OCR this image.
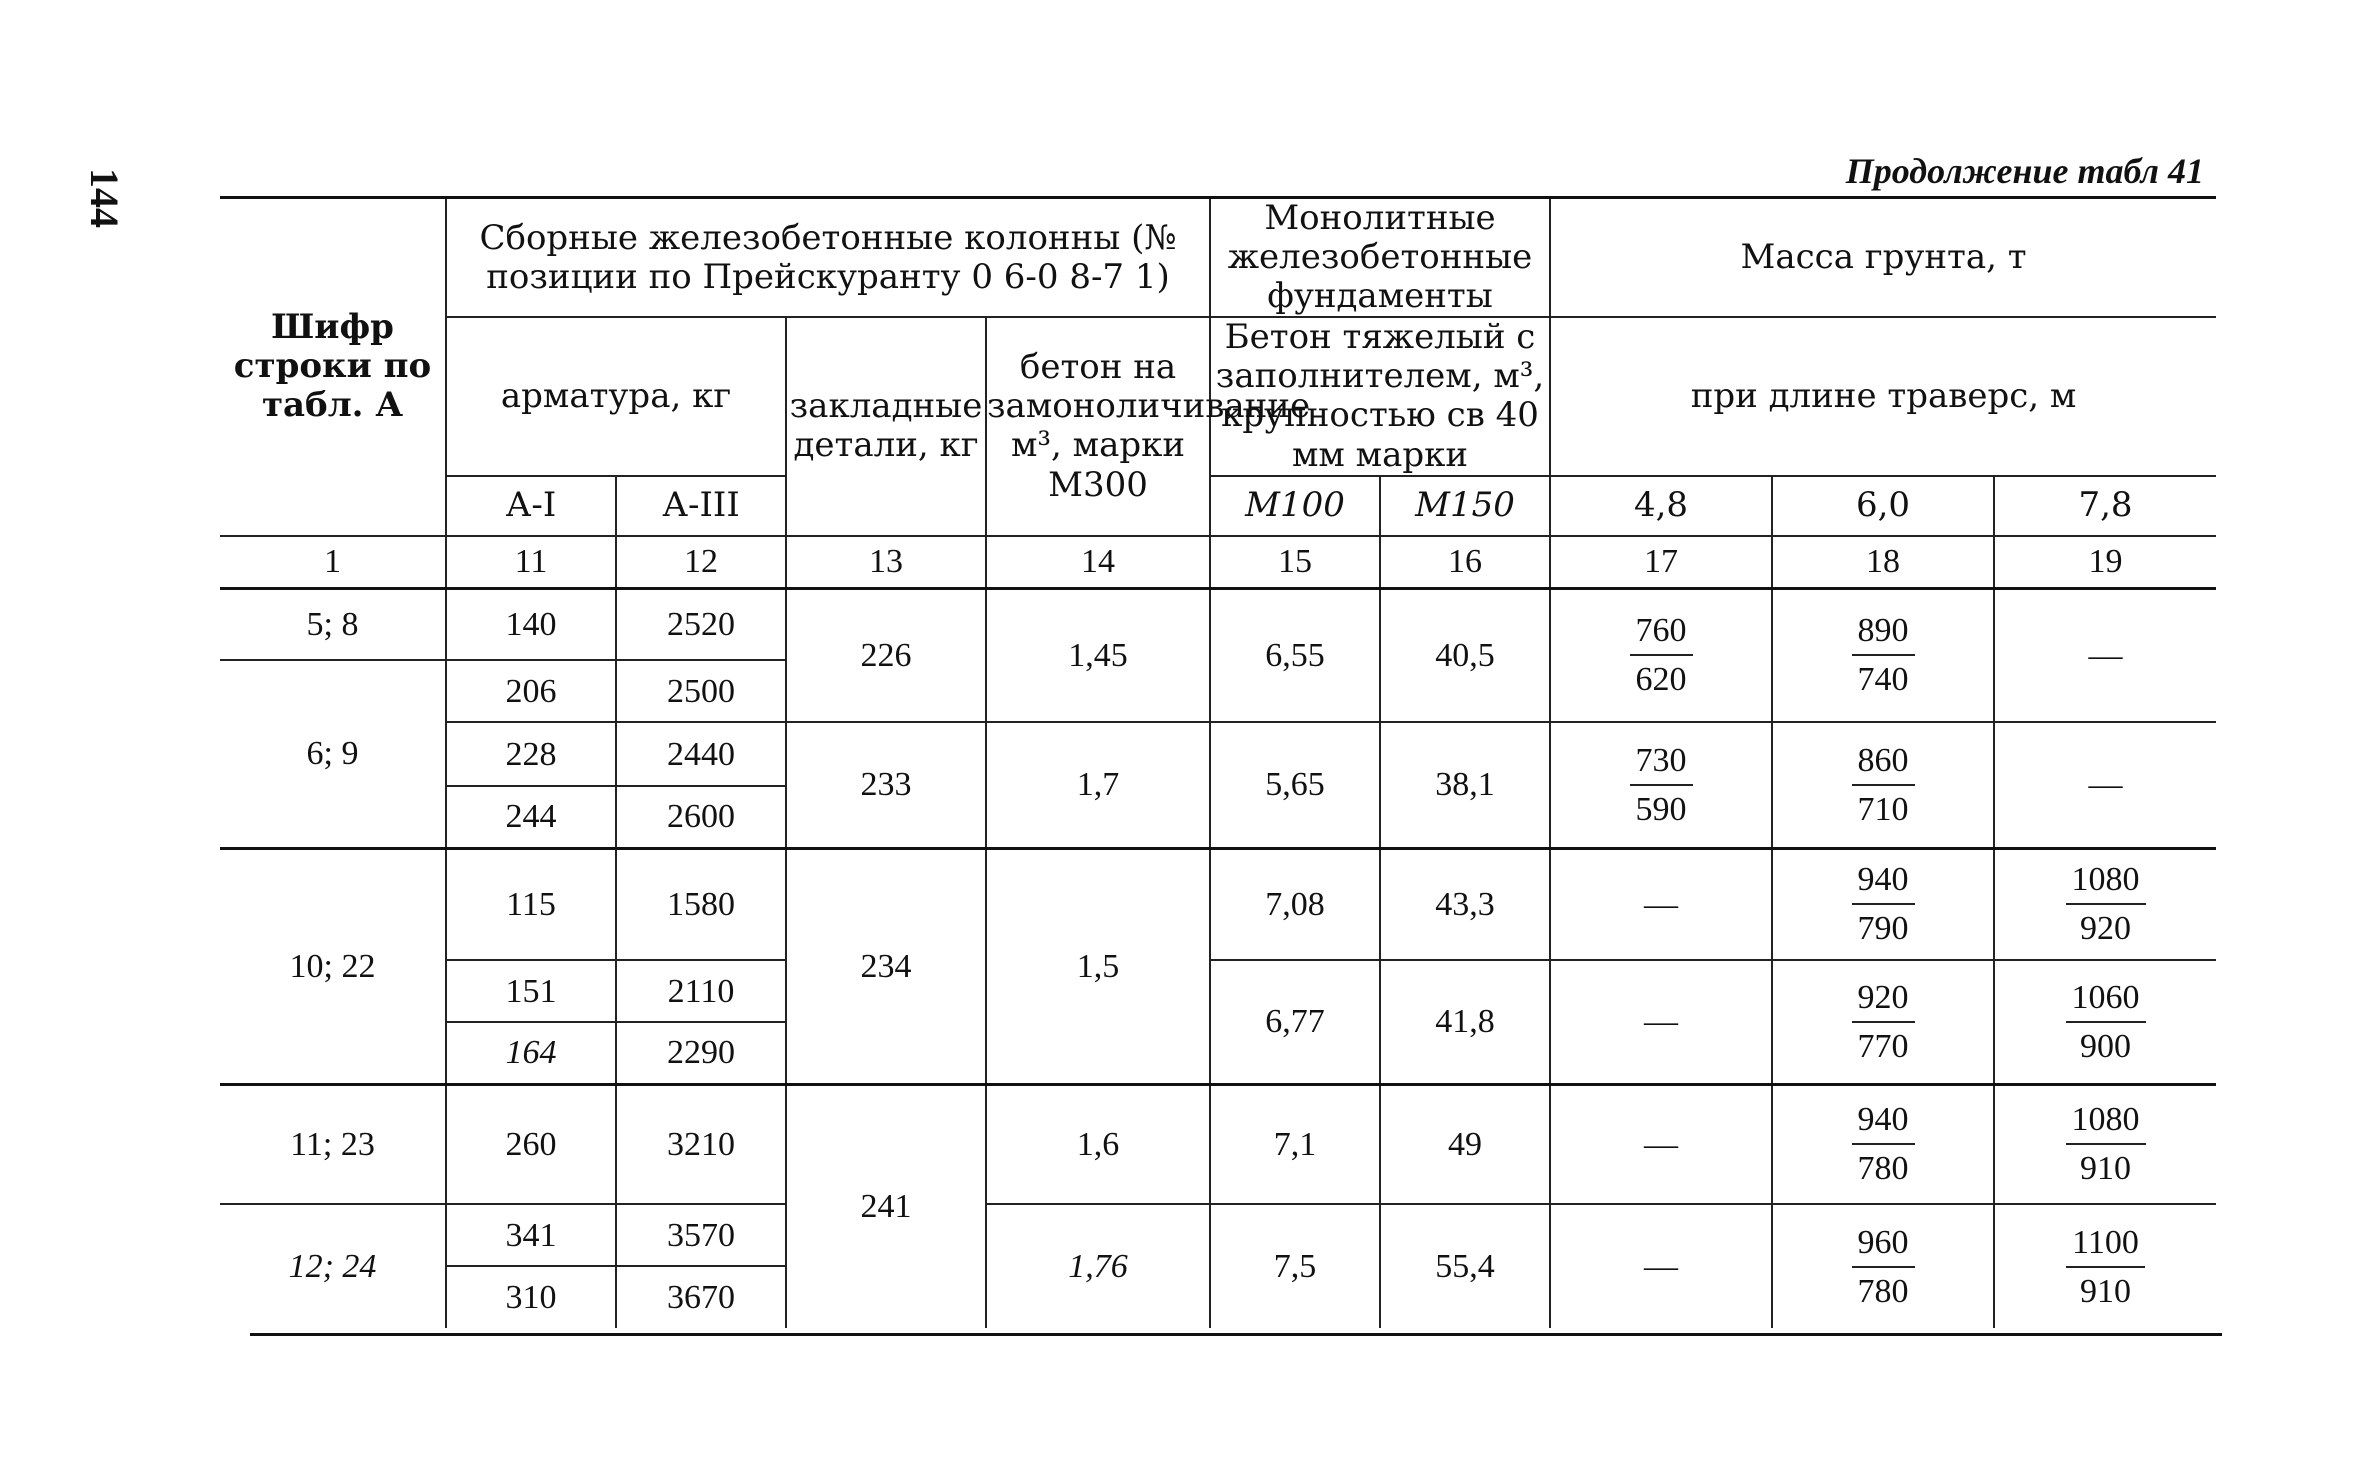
144	Продолжение табл 41
Шифр строки по табл. А	Сборные железобетонные колонны (№ позиции по Прейскуранту 0 6-0 8-7 1)				Монолитные железобетонные фундаменты		Масса грунта, т		
	арматура, кг		закладные детали, кг	бетон на замоноличивание м³, марки М300	Бетон тяжелый с заполнителем, м³, крупностью св 40 мм марки		при длине траверс, м		
	А-I	А-III			М100	М150	4,8	6,0	7,8
1	11	12	13	14	15	16	17	18	19
5; 8	140	2520	226	1,45	6,55	40,5	$\frac{760}{620}$	$\frac{890}{740}$	—
6; 9	206	2500							
	228	2440	233	1,7	5,65	38,1	$\frac{730}{590}$	$\frac{860}{710}$	—
	244	2600							
10; 22	115	1580	234	1,5	7,08	43,3	—	$\frac{940}{790}$	$\frac{1080}{920}$

	151	2110			6,77	41,8	—	$\frac{920}{770}$	$\frac{1060}{900}$

	164	2290							
11; 23	260	3210	241	1,6	7,1	49	—	$\frac{940}{780}$	$\frac{1080}{910}$

12; 24	341	3570		1,76	7,5	55,4	—	$\frac{960}{780}$	$\frac{1100}{910}$

	310	3670							
